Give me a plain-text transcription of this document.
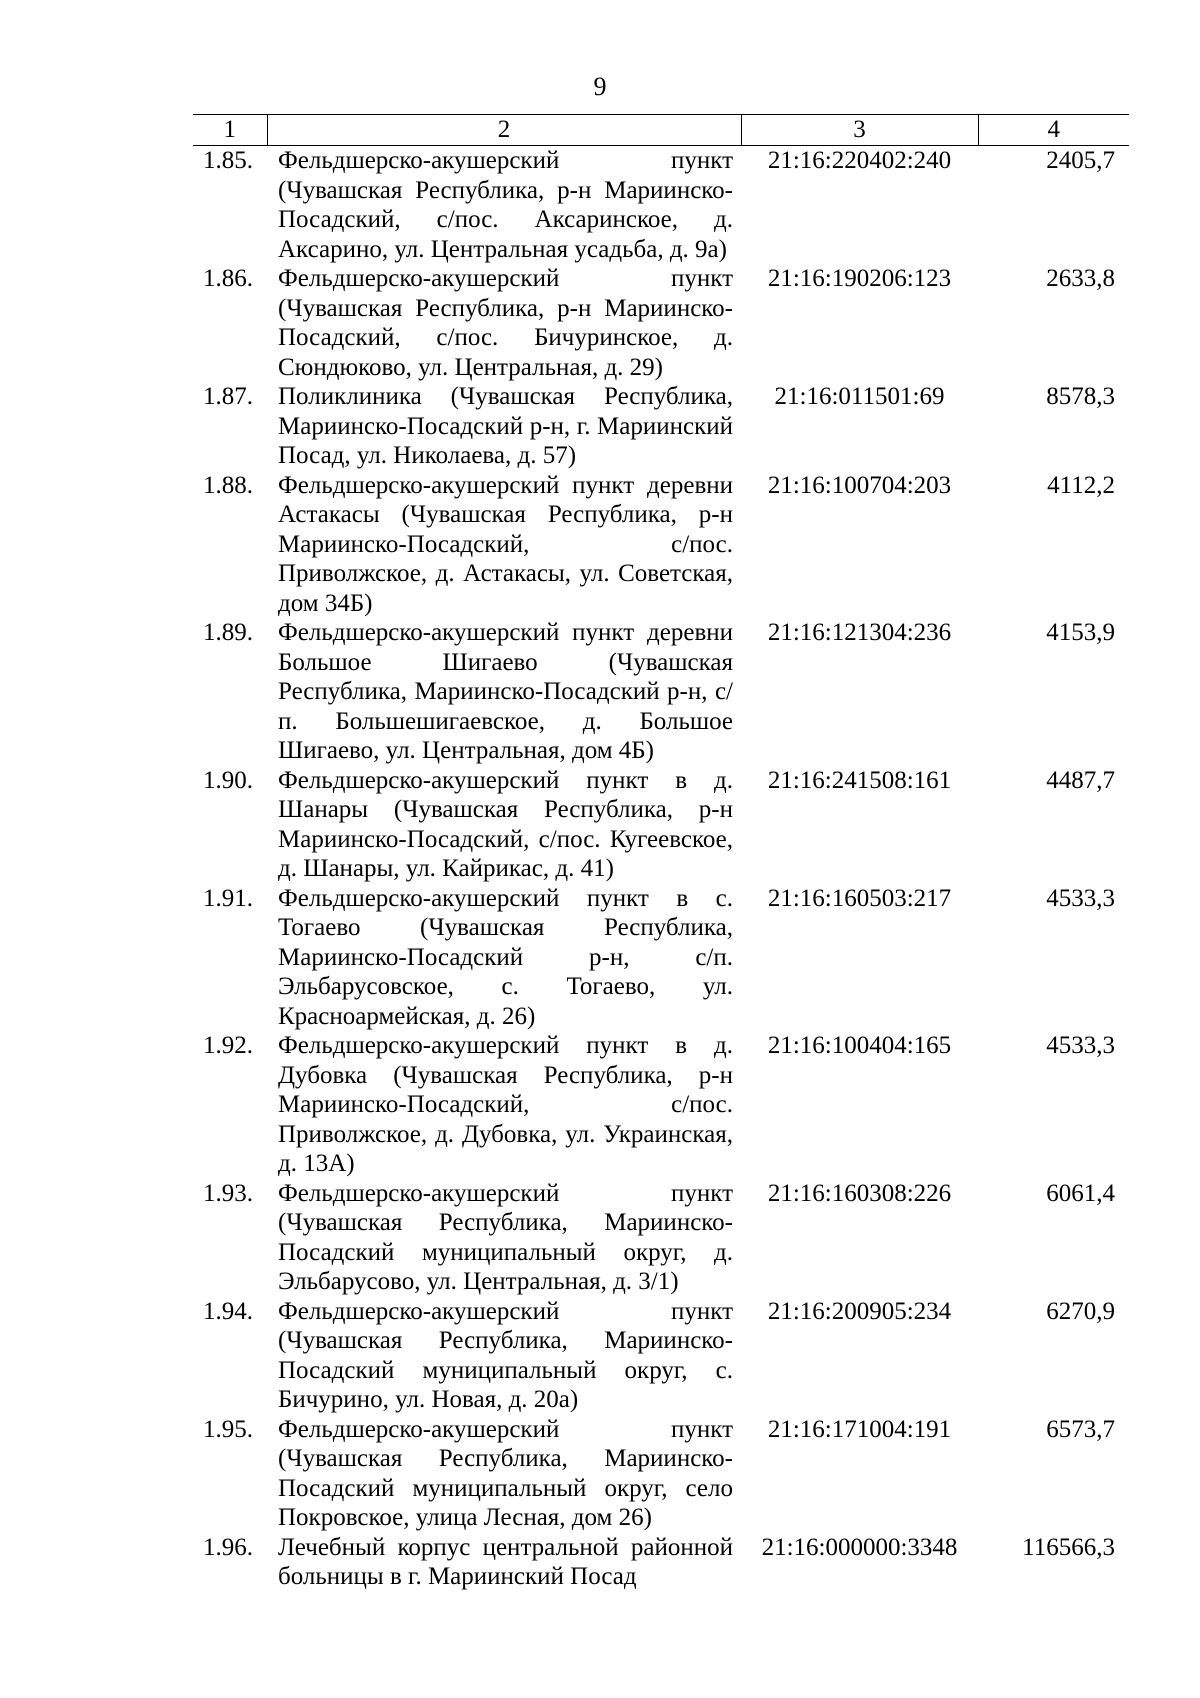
9
1	2	3	4
1.85.	Фельдшерско-акушерский пункт (Чувашская Республика, р-н Мариинско-Посадский, с/пос. Аксаринское, д. Аксарино, ул. Центральная усадьба, д. 9а)	21:16:220402:240	2405,7
1.86.	Фельдшерско-акушерский пункт (Чувашская Республика, р-н Мариинско-Посадский, с/пос. Бичуринское, д. Сюндюково, ул. Центральная, д. 29)	21:16:190206:123	2633,8
1.87.	Поликлиника (Чувашская Республика, Мариинско-Посадский р-н, г. Мариинский Посад, ул. Николаева, д. 57)	21:16:011501:69	8578,3
1.88.	Фельдшерско-акушерский пункт деревни Астакасы (Чувашская Республика, р-н Мариинско-Посадский, с/пос. Приволжское, д. Астакасы, ул. Советская, дом 34Б)	21:16:100704:203	4112,2
1.89.	Фельдшерско-акушерский пункт деревни Большое Шигаево (Чувашская Республика, Мариинско-Посадский р-н, с/п. Большешигаевское, д. Большое Шигаево, ул. Центральная, дом 4Б)	21:16:121304:236	4153,9
1.90.	Фельдшерско-акушерский пункт в д. Шанары (Чувашская Республика, р-н Мариинско-Посадский, с/пос. Кугеевское, д. Шанары, ул. Кайрикас, д. 41)	21:16:241508:161	4487,7
1.91.	Фельдшерско-акушерский пункт в с. Тогаево (Чувашская Республика, Мариинско-Посадский р-н, с/п. Эльбарусовское, с. Тогаево, ул. Красноармейская, д. 26)	21:16:160503:217	4533,3
1.92.	Фельдшерско-акушерский пункт в д. Дубовка (Чувашская Республика, р-н Мариинско-Посадский, с/пос. Приволжское, д. Дубовка, ул. Украинская, д. 13А)	21:16:100404:165	4533,3
1.93.	Фельдшерско-акушерский пункт (Чувашская Республика, Мариинско-Посадский муниципальный округ, д. Эльбарусово, ул. Центральная, д. 3/1)	21:16:160308:226	6061,4
1.94.	Фельдшерско-акушерский пункт (Чувашская Республика, Мариинско-Посадский муниципальный округ, с. Бичурино, ул. Новая, д. 20а)	21:16:200905:234	6270,9
1.95.	Фельдшерско-акушерский пункт (Чувашская Республика, Мариинско-Посадский муниципальный округ, село Покровское, улица Лесная, дом 26)	21:16:171004:191	6573,7
1.96.	Лечебный корпус центральной районной больницы в г. Мариинский Посад	21:16:000000:3348	116566,3
